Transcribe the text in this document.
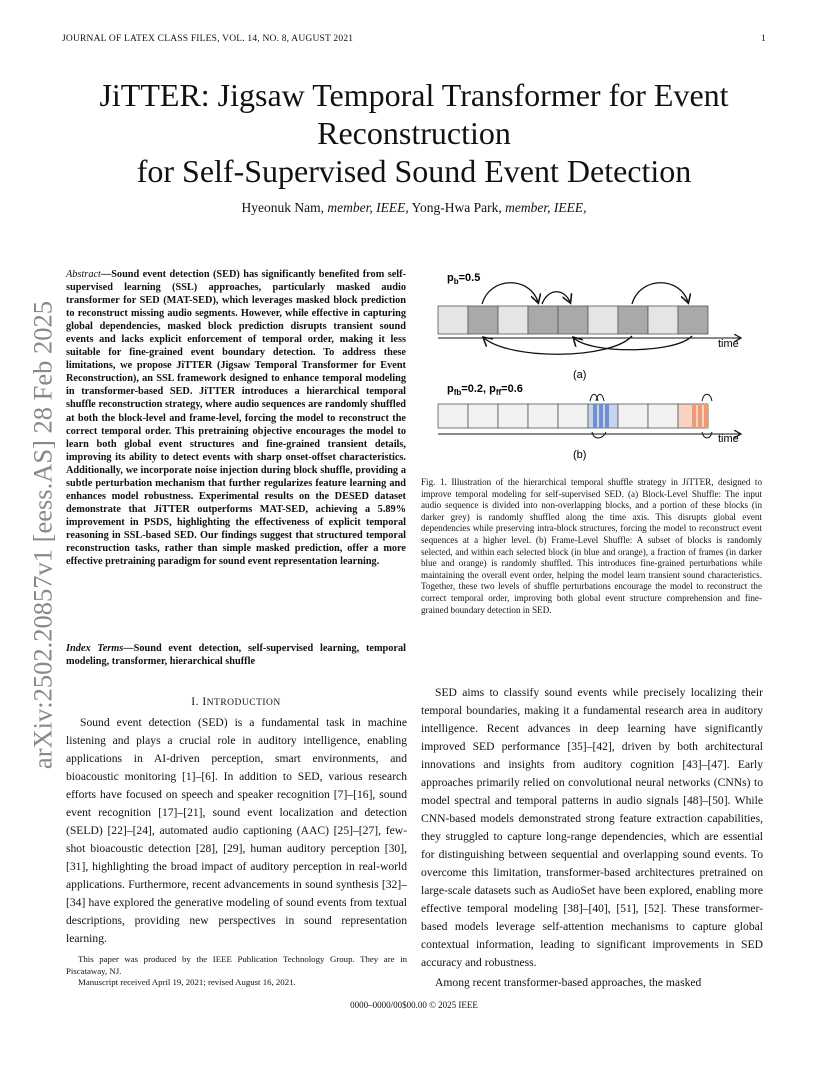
JOURNAL OF LATEX CLASS FILES, VOL. 14, NO. 8, AUGUST 2021	1
arXiv:2502.20857v1 [eess.AS] 28 Feb 2025
JiTTER: Jigsaw Temporal Transformer for Event
Reconstruction
for Self-Supervised Sound Event Detection
Hyeonuk Nam, member, IEEE, Yong-Hwa Park, member, IEEE,
Abstract—Sound event detection (SED) has significantly benefited from self-supervised learning (SSL) approaches, particularly masked audio transformer for SED (MAT-SED), which leverages masked block prediction to reconstruct missing audio segments. However, while effective in capturing global dependencies, masked block prediction disrupts transient sound events and lacks explicit enforcement of temporal order, making it less suitable for fine-grained event boundary detection. To address these limitations, we propose JiTTER (Jigsaw Temporal Transformer for Event Reconstruction), an SSL framework designed to enhance temporal modeling in transformer-based SED. JiTTER introduces a hierarchical temporal shuffle reconstruction strategy, where audio sequences are randomly shuffled at both the block-level and frame-level, forcing the model to reconstruct the correct temporal order. This pretraining objective encourages the model to learn both global event structures and fine-grained transient details, improving its ability to detect events with sharp onset-offset characteristics. Additionally, we incorporate noise injection during block shuffle, providing a subtle perturbation mechanism that further regularizes feature learning and enhances model robustness. Experimental results on the DESED dataset demonstrate that JiTTER outperforms MAT-SED, achieving a 5.89% improvement in PSDS, highlighting the effectiveness of explicit temporal reasoning in SSL-based SED. Our findings suggest that structured temporal reconstruction tasks, rather than simple masked prediction, offer a more effective pretraining paradigm for sound event representation learning.
Index Terms—Sound event detection, self-supervised learning, temporal modeling, transformer, hierarchical shuffle
I. INTRODUCTION

Sound event detection (SED) is a fundamental task in machine listening and plays a crucial role in auditory intelligence, enabling applications in AI-driven perception, smart environments, and bioacoustic monitoring [1]–[6]. In addition to SED, various research efforts have focused on speech and speaker recognition [7]–[16], sound event recognition [17]–[21], sound event localization and detection (SELD) [22]–[24], automated audio captioning (AAC) [25]–[27], few-shot bioacoustic detection [28], [29], human auditory perception [30], [31], highlighting the broad impact of auditory perception in real-world applications. Furthermore, recent advancements in sound synthesis [32]–[34] have explored the generative modeling of sound events from textual descriptions, providing new perspectives in sound representation learning.

This paper was produced by the IEEE Publication Technology Group. They are in Piscataway, NJ.

Manuscript received April 19, 2021; revised August 16, 2021.

$p_b=0.5$
time
(a)
$p_{fb}=0.2$, $p_{ff}=0.6$
time
(b)

Fig. 1. Illustration of the hierarchical temporal shuffle strategy in JiTTER, designed to improve temporal modeling for self-supervised SED. (a) Block-Level Shuffle: The input audio sequence is divided into non-overlapping blocks, and a portion of these blocks (in darker grey) is randomly shuffled along the time axis. This disrupts global event dependencies while preserving intra-block structures, forcing the model to reconstruct event sequences at a higher level. (b) Frame-Level Shuffle: A subset of blocks is randomly selected, and within each selected block (in blue and orange), a fraction of frames (in darker blue and orange) is randomly shuffled. This introduces fine-grained perturbations while maintaining the overall event order, helping the model learn transient sound characteristics. Together, these two levels of shuffle perturbations encourage the model to reconstruct the correct temporal order, improving both global event structure comprehension and fine-grained boundary detection in SED.

SED aims to classify sound events while precisely localizing their temporal boundaries, making it a fundamental research area in auditory intelligence. Recent advances in deep learning have significantly improved SED performance [35]–[42], driven by both architectural innovations and insights from auditory cognition [43]–[47]. Early approaches primarily relied on convolutional neural networks (CNNs) to model spectral and temporal patterns in audio signals [48]–[50]. While CNN-based models demonstrated strong feature extraction capabilities, they struggled to capture long-range dependencies, which are essential for distinguishing between sequential and overlapping sound events. To overcome this limitation, transformer-based architectures pretrained on large-scale datasets such as AudioSet have been explored, enabling more effective temporal modeling [38]–[40], [51], [52]. These transformer-based models leverage self-attention mechanisms to capture global contextual information, leading to significant improvements in SED accuracy and robustness.

Among recent transformer-based approaches, the masked

0000–0000/00$00.00 © 2025 IEEE
